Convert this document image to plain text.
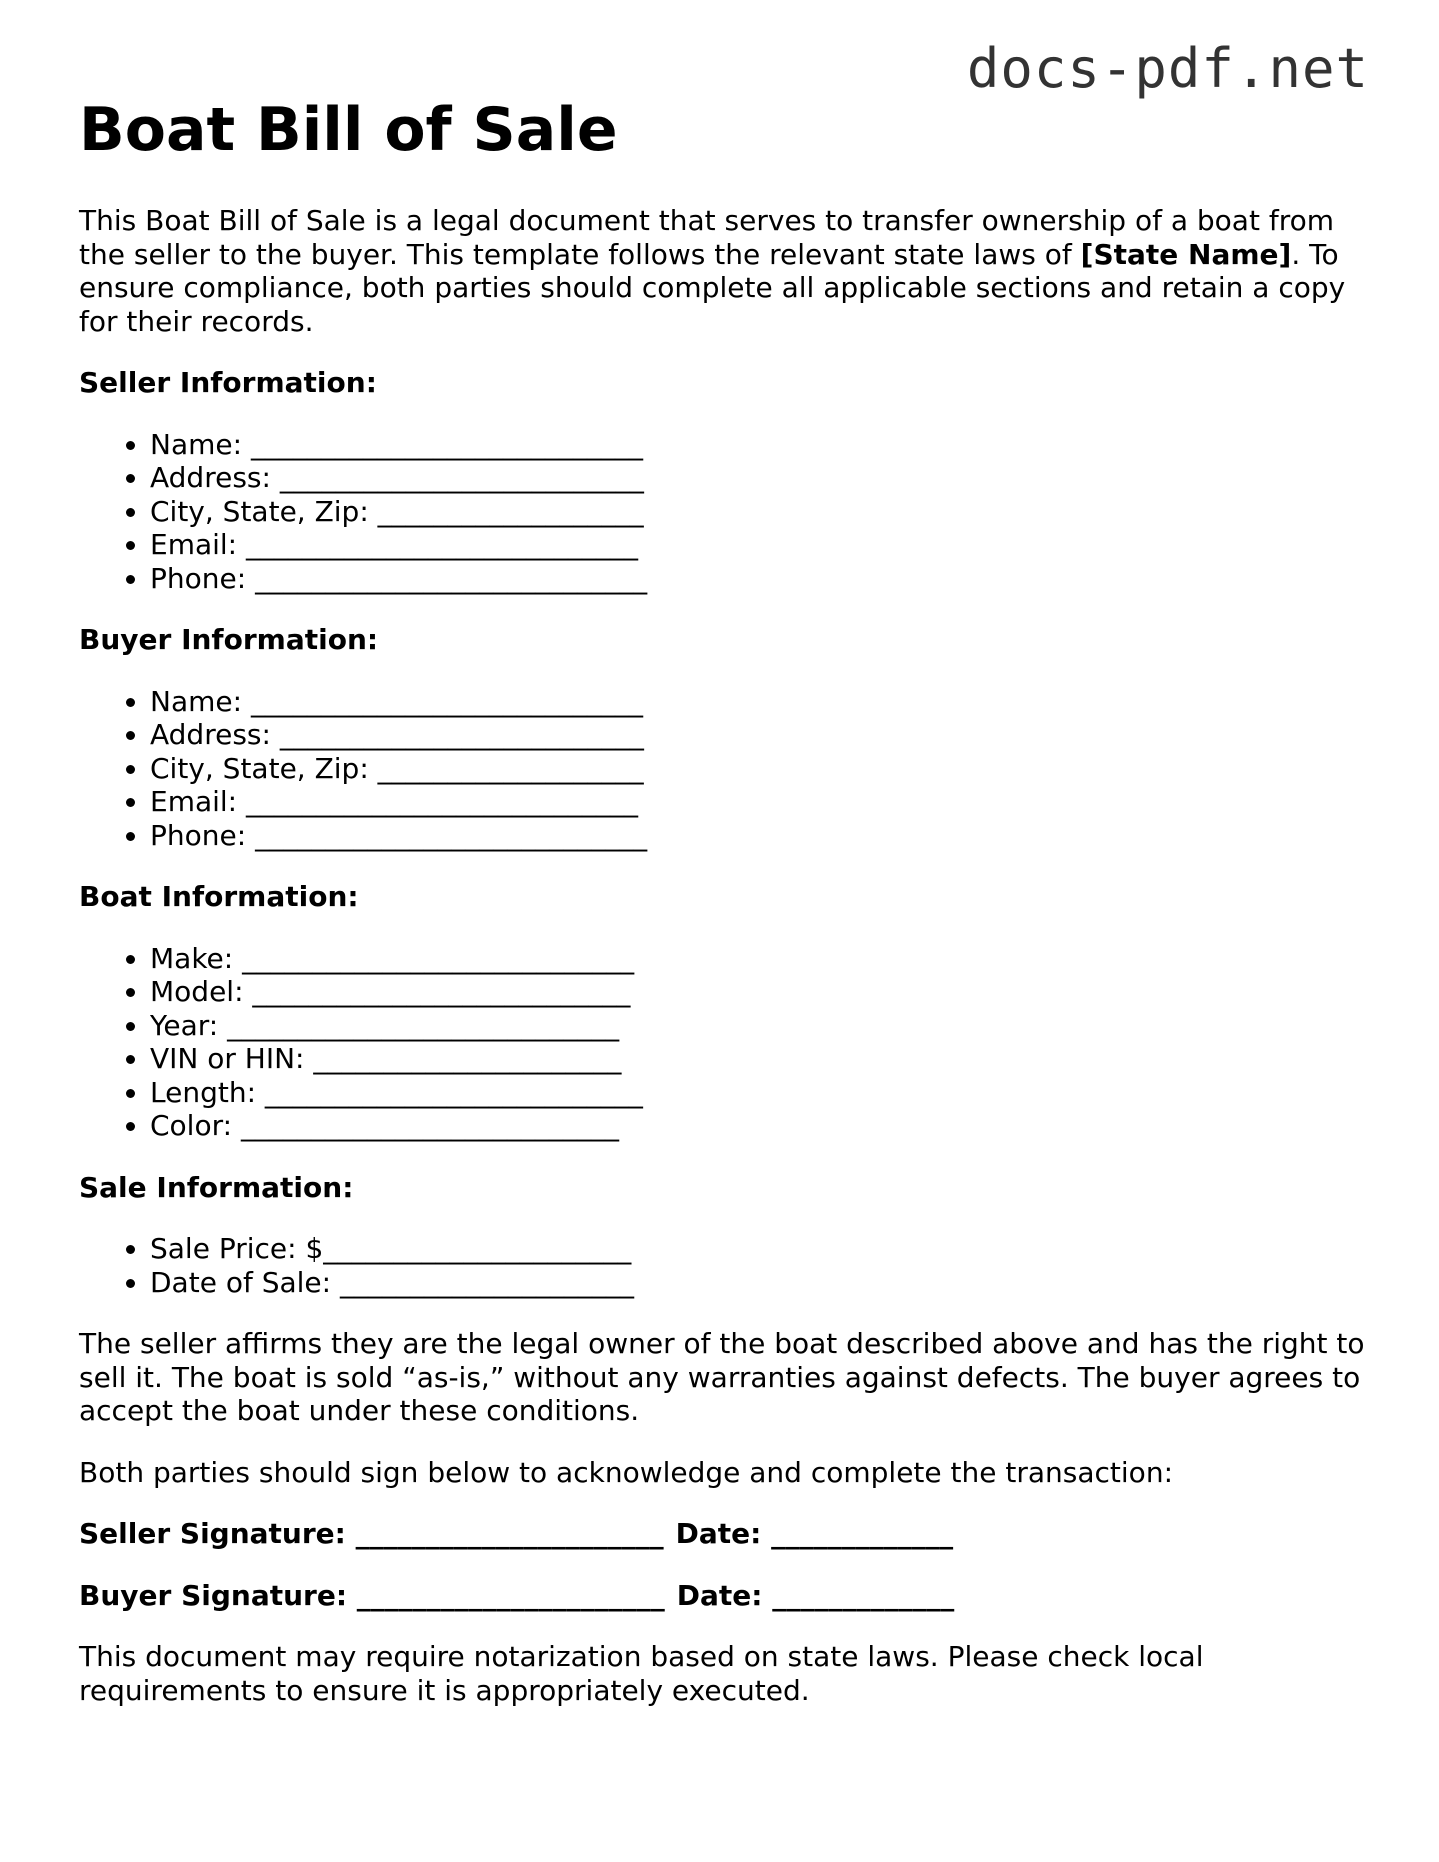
docs-pdf.net
Boat Bill of Sale

This Boat Bill of Sale is a legal document that serves to transfer ownership of a boat from the seller to the buyer. This template follows the relevant state laws of [State Name]. To ensure compliance, both parties should complete all applicable sections and retain a copy for their records.

Seller Information:

• Name: ____________________________
• Address: __________________________
• City, State, Zip: ___________________
• Email: ____________________________
• Phone: ____________________________

Buyer Information:

• Name: ____________________________
• Address: __________________________
• City, State, Zip: ___________________
• Email: ____________________________
• Phone: ____________________________

Boat Information:

• Make: ____________________________
• Model: ___________________________
• Year: ____________________________
• VIN or HIN: ______________________
• Length: ___________________________
• Color: ___________________________

Sale Information:

• Sale Price: $______________________
• Date of Sale: _____________________

The seller affirms they are the legal owner of the boat described above and has the right to sell it. The boat is sold “as-is,” without any warranties against defects. The buyer agrees to accept the boat under these conditions.

Both parties should sign below to acknowledge and complete the transaction:

Seller Signature: ______________________ Date: _____________

Buyer Signature: ______________________ Date: _____________

This document may require notarization based on state laws. Please check local requirements to ensure it is appropriately executed.
